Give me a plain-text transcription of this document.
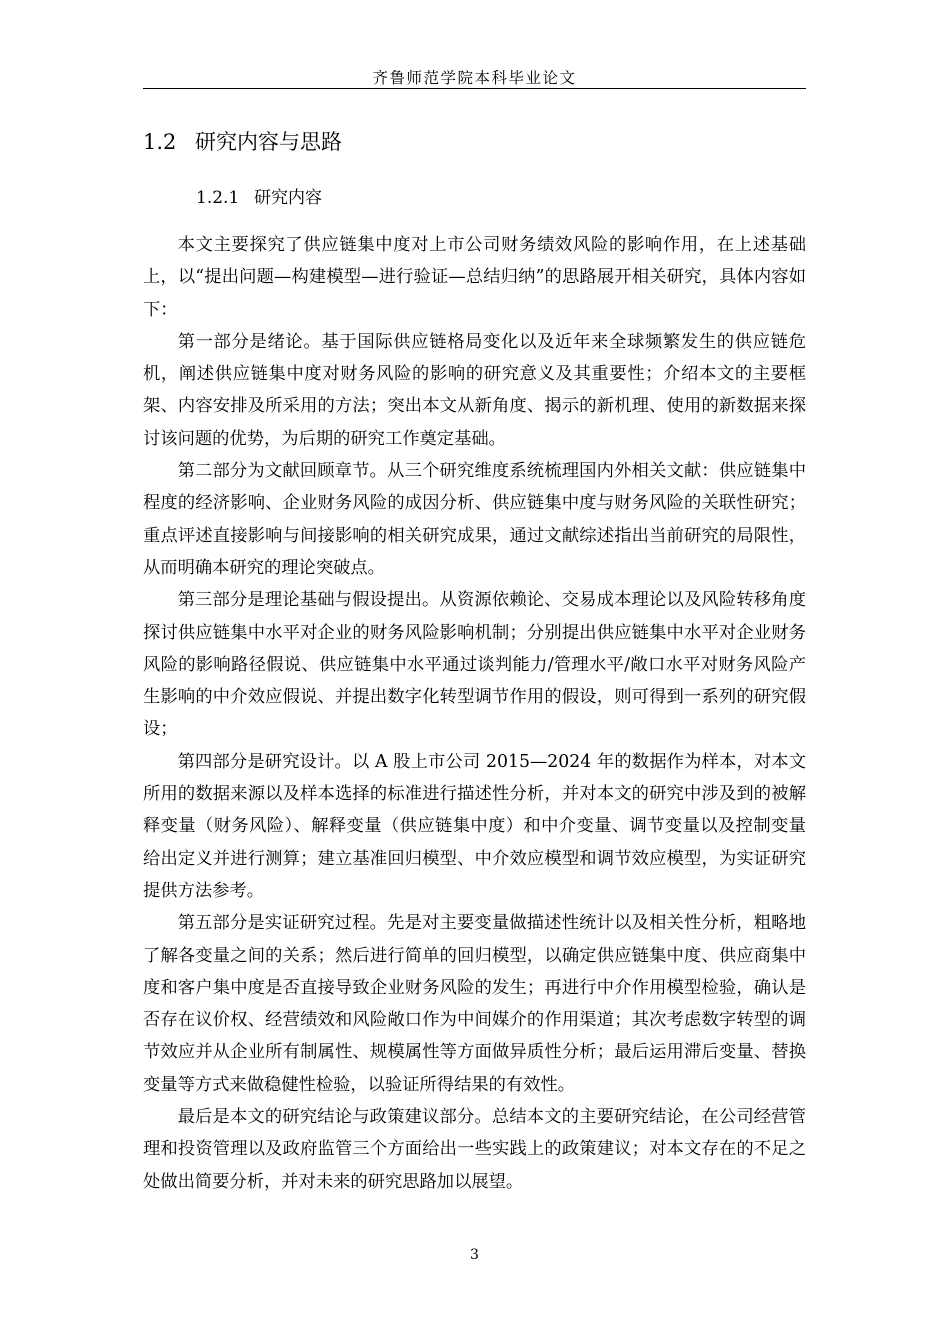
齐鲁师范学院本科毕业论文
1.2 研究内容与思路
1.2.1 研究内容

本文主要探究了供应链集中度对上市公司财务绩效风险的影响作用，在上述基础上，以“提出问题—构建模型—进行验证—总结归纳”的思路展开相关研究，具体内容如下：

第一部分是绪论。基于国际供应链格局变化以及近年来全球频繁发生的供应链危机，阐述供应链集中度对财务风险的影响的研究意义及其重要性；介绍本文的主要框架、内容安排及所采用的方法；突出本文从新角度、揭示的新机理、使用的新数据来探讨该问题的优势，为后期的研究工作奠定基础。

第二部分为文献回顾章节。从三个研究维度系统梳理国内外相关文献：供应链集中程度的经济影响、企业财务风险的成因分析、供应链集中度与财务风险的关联性研究；重点评述直接影响与间接影响的相关研究成果，通过文献综述指出当前研究的局限性，从而明确本研究的理论突破点。

第三部分是理论基础与假设提出。从资源依赖论、交易成本理论以及风险转移角度探讨供应链集中水平对企业的财务风险影响机制；分别提出供应链集中水平对企业财务风险的影响路径假说、供应链集中水平通过谈判能力/管理水平/敞口水平对财务风险产生影响的中介效应假说、并提出数字化转型调节作用的假设，则可得到一系列的研究假设；

第四部分是研究设计。以 A 股上市公司 2015—2024 年的数据作为样本，对本文所用的数据来源以及样本选择的标准进行描述性分析，并对本文的研究中涉及到的被解释变量（财务风险）、解释变量（供应链集中度）和中介变量、调节变量以及控制变量给出定义并进行测算；建立基准回归模型、中介效应模型和调节效应模型，为实证研究提供方法参考。

第五部分是实证研究过程。先是对主要变量做描述性统计以及相关性分析，粗略地了解各变量之间的关系；然后进行简单的回归模型，以确定供应链集中度、供应商集中度和客户集中度是否直接导致企业财务风险的发生；再进行中介作用模型检验，确认是否存在议价权、经营绩效和风险敞口作为中间媒介的作用渠道；其次考虑数字转型的调节效应并从企业所有制属性、规模属性等方面做异质性分析；最后运用滞后变量、替换变量等方式来做稳健性检验，以验证所得结果的有效性。

最后是本文的研究结论与政策建议部分。总结本文的主要研究结论，在公司经营管理和投资管理以及政府监管三个方面给出一些实践上的政策建议；对本文存在的不足之处做出简要分析，并对未来的研究思路加以展望。

3
